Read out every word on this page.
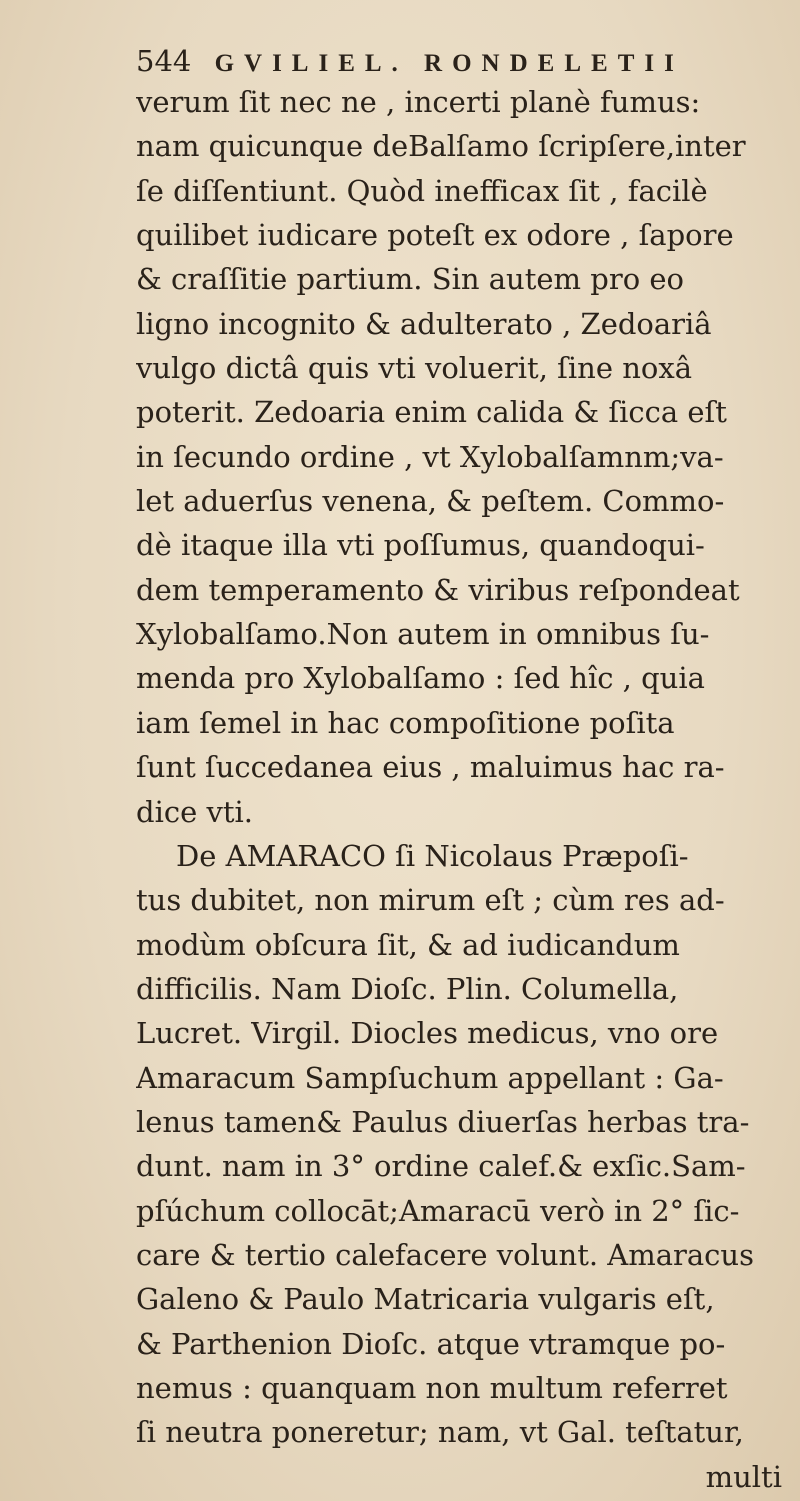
544 GVILIEL. RONDELETII
verum ſit nec ne , incerti planè fumus:
nam quicunque deBalſamo ſcripſere,inter
ſe diſſentiunt. Quòd inefficax ſit , facilè
quilibet iudicare poteſt ex odore , ſapore
& craſſitie partium. Sin autem pro eo
ligno incognito & adulterato , Zedoariâ
vulgo dictâ quis vti voluerit, ſine noxâ
poterit. Zedoaria enim calida & ſicca eſt
in ſecundo ordine , vt Xylobalſamnm;va-
let aduerſus venena, & peſtem. Commo-
dè itaque illa vti poſſumus, quandoqui-
dem temperamento & viribus reſpondeat
Xylobalſamo.Non autem in omnibus ſu-
menda pro Xylobalſamo : ſed hîc , quia
iam ſemel in hac compoſitione poſita
ſunt ſuccedanea eius , maluimus hac ra-
dice vti.
De AMARACO ſi Nicolaus Præpoſi-
tus dubitet, non mirum eſt ; cùm res ad-
modùm obſcura ſit, & ad iudicandum
difficilis. Nam Dioſc. Plin. Columella,
Lucret. Virgil. Diocles medicus, vno ore
Amaracum Sampſuchum appellant : Ga-
lenus tamen& Paulus diuerſas herbas tra-
dunt. nam in 3° ordine calef.& exſic.Sam-
pſúchum collocāt;Amaracū verò in 2° ſic-
care & tertio calefacere volunt. Amaracus
Galeno & Paulo Matricaria vulgaris eſt,
& Parthenion Dioſc. atque vtramque po-
nemus : quanquam non multum referret
ſi neutra poneretur; nam, vt Gal. teſtatur,
multi
